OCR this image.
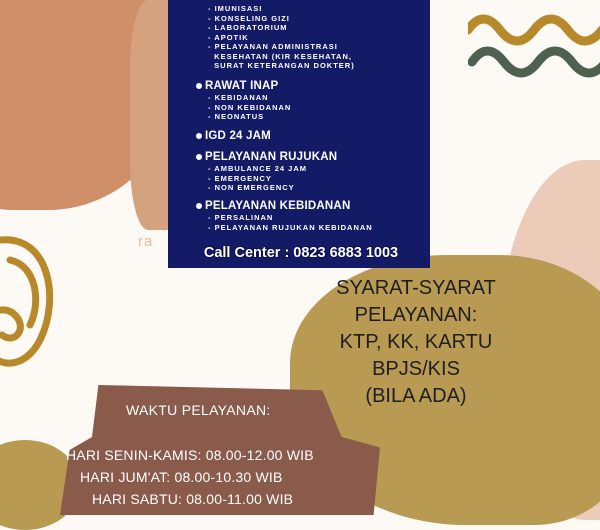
ra
- IMUNISASI
- KONSELING GIZI
- LABORATORIUM
- APOTIK
- PELAYANAN ADMINISTRASI
KESEHATAN (KIR KESEHATAN,
SURAT KETERANGAN DOKTER)
RAWAT INAP
- KEBIDANAN
- NON KEBIDANAN
- NEONATUS
IGD 24 JAM
PELAYANAN RUJUKAN
- AMBULANCE 24 JAM
- EMERGENCY
- NON EMERGENCY
PELAYANAN KEBIDANAN
- PERSALINAN
- PELAYANAN RUJUKAN KEBIDANAN
Call Center : 0823 6883 1003
SYARAT-SYARAT
PELAYANAN:
KTP, KK, KARTU BPJS/KIS
(BILA ADA)
WAKTU PELAYANAN:
HARI SENIN-KAMIS: 08.00-12.00 WIB
HARI JUM'AT: 08.00-10.30 WIB
HARI SABTU: 08.00-11.00 WIB
